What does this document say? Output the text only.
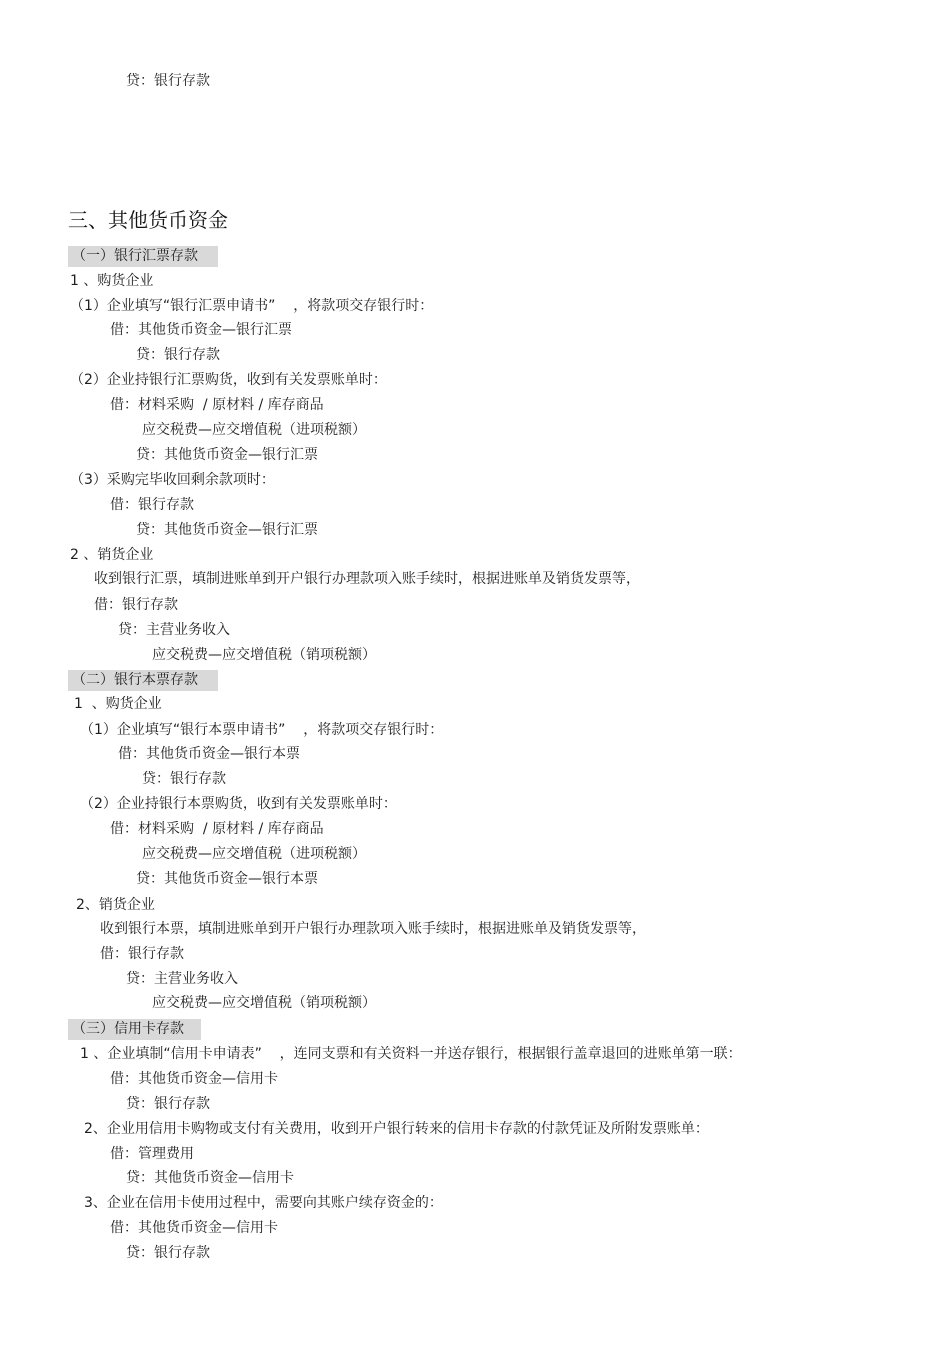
贷：银行存款
三、其他货币资金
（一）银行汇票存款
1 、购货企业
（1）企业填写“银行汇票申请书”    ，将款项交存银行时：
借：其他货币资金—银行汇票
贷：银行存款
（2）企业持银行汇票购货，收到有关发票账单时：
借：材料采购  / 原材料 / 库存商品
应交税费—应交增值税（进项税额）
贷：其他货币资金—银行汇票
（3）采购完毕收回剩余款项时：
借：银行存款
贷：其他货币资金—银行汇票
2 、销货企业
收到银行汇票，填制进账单到开户银行办理款项入账手续时，根据进账单及销货发票等，
借：银行存款
贷：主营业务收入
应交税费—应交增值税（销项税额）
（二）银行本票存款
1  、购货企业
（1）企业填写“银行本票申请书”    ，将款项交存银行时：
借：其他货币资金—银行本票
贷：银行存款
（2）企业持银行本票购货，收到有关发票账单时：
借：材料采购  / 原材料 / 库存商品
应交税费—应交增值税（进项税额）
贷：其他货币资金—银行本票
2、销货企业
收到银行本票，填制进账单到开户银行办理款项入账手续时，根据进账单及销货发票等，
借：银行存款
贷：主营业务收入
应交税费—应交增值税（销项税额）
（三）信用卡存款
1 、企业填制“信用卡申请表”    ，连同支票和有关资料一并送存银行，根据银行盖章退回的进账单第一联：
借：其他货币资金—信用卡
贷：银行存款
2、企业用信用卡购物或支付有关费用，收到开户银行转来的信用卡存款的付款凭证及所附发票账单：
借：管理费用
贷：其他货币资金—信用卡
3、企业在信用卡使用过程中，需要向其账户续存资金的：
借：其他货币资金—信用卡
贷：银行存款
